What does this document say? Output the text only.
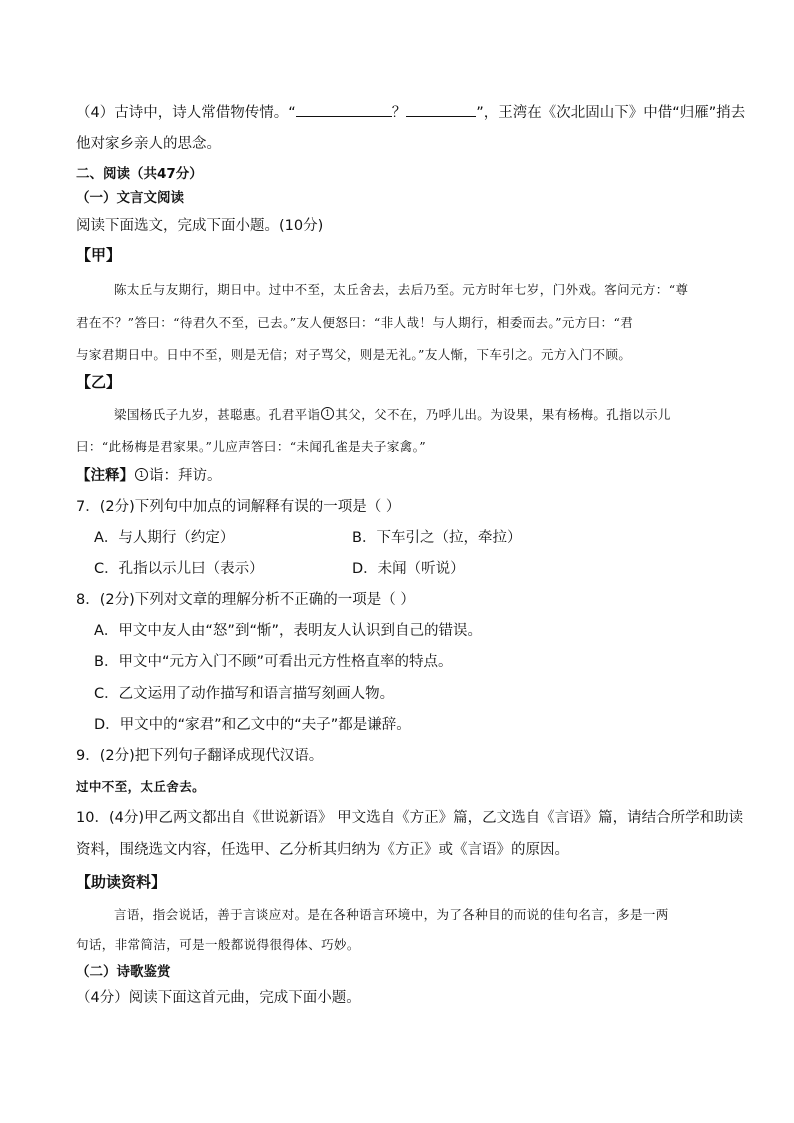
（4）古诗中，诗人常借物传情。“	？	”，王湾在《次北固山下》中借“归雁”捎去
他对家乡亲人的思念。
二、阅读（共47分）
（一）文言文阅读
阅读下面选文，完成下面小题。(10分)
【甲】
陈太丘与友期行，期日中。过中不至，太丘舍去，去后乃至。元方时年七岁，门外戏。客问元方：“尊
君在不？”答曰：“待君久不至，已去。”友人便怒曰：“非人哉！与人期行，相委而去。”元方曰：“君
与家君期日中。日中不至，则是无信；对子骂父，则是无礼。”友人惭，下车引之。元方入门不顾。
【乙】
梁国杨氏子九岁，甚聪惠。孔君平诣 1 其父，父不在，乃呼儿出。为设果，果有杨梅。孔指以示儿
曰：“此杨梅是君家果。”儿应声答曰：“未闻孔雀是夫子家禽。”
【注释】 1 诣：拜访。
7．(2分)下列句中加点的词解释有误的一项是（ ）
A．与人期行（约定）	B．下车引之（拉，牵拉）
C．孔指以示儿曰（表示）	D．未闻（听说）
8．(2分)下列对文章的理解分析不正确的一项是（ ）
A．甲文中友人由“怒”到“惭”，表明友人认识到自己的错误。
B．甲文中“元方入门不顾”可看出元方性格直率的特点。
C．乙文运用了动作描写和语言描写刻画人物。
D．甲文中的“家君”和乙文中的“夫子”都是谦辞。
9．(2分)把下列句子翻译成现代汉语。
过中不至，太丘舍去。
10．(4分)甲乙两文都出自《世说新语》 甲文选自《方正》篇，乙文选自《言语》篇，请结合所学和助读
资料，围绕选文内容，任选甲、乙分析其归纳为《方正》或《言语》的原因。
【助读资料】
言语，指会说话，善于言谈应对。是在各种语言环境中，为了各种目的而说的佳句名言，多是一两
句话，非常简洁，可是一般都说得很得体、巧妙。
（二）诗歌鉴赏
（4分）阅读下面这首元曲，完成下面小题。
